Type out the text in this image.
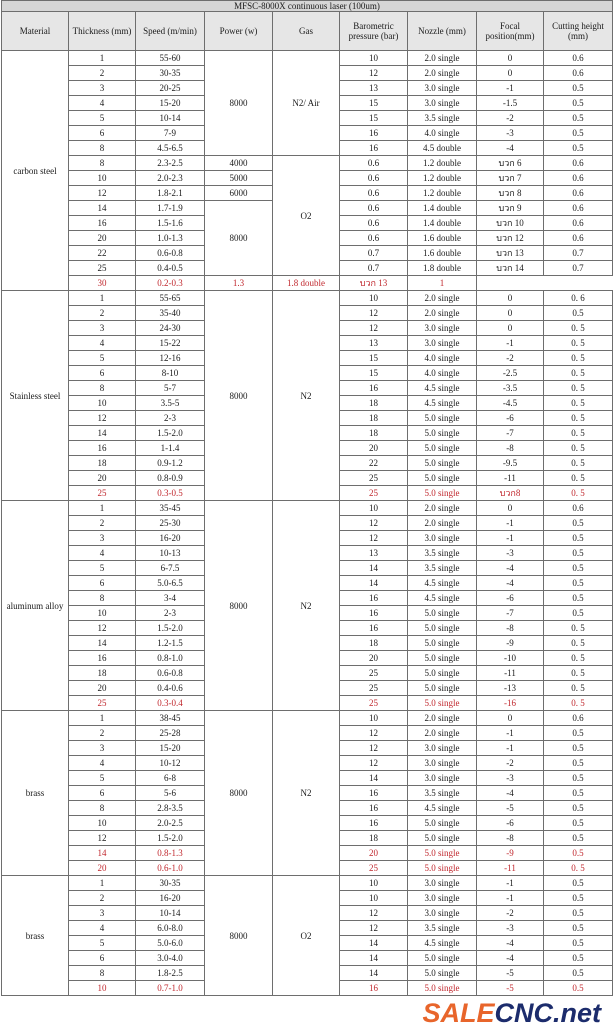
MFSC-8000X continuous laser (100um)								
Material	Thickness (mm)	Speed (m/min)	Power (w)	Gas	Barometric pressure (bar)	Nozzle (mm)	Focal position(mm)	Cutting height (mm)
carbon steel	1	55-60	8000	N2/ Air	10	2.0 single	0	0.6
	2	30-35			12	2.0 single	0	0.6
	3	20-25			13	3.0 single	-1	0.5
	4	15-20			15	3.0 single	-1.5	0.5
	5	10-14			15	3.5 single	-2	0.5
	6	7-9			16	4.0 single	-3	0.5
	8	4.5-6.5			16	4.5 double	-4	0.5
	8	2.3-2.5	4000	O2	0.6	1.2 double	บวก 6	0.6
	10	2.0-2.3	5000		0.6	1.2 double	บวก 7	0.6
	12	1.8-2.1	6000		0.6	1.2 double	บวก 8	0.6
	14	1.7-1.9	8000		0.6	1.4 double	บวก 9	0.6
	16	1.5-1.6			0.6	1.4 double	บวก 10	0.6
	20	1.0-1.3			0.6	1.6 double	บวก 12	0.6
	22	0.6-0.8			0.7	1.6 double	บวก 13	0.7
	25	0.4-0.5			0.7	1.8 double	บวก 14	0.7
	30	0.2-0.3	1.3	1.8 double	บวก 13	1		
Stainless steel	1	55-65	8000	N2	10	2.0 single	0	0. 6
	2	35-40			12	2.0 single	0	0.5
	3	24-30			12	3.0 single	0	0. 5
	4	15-22			13	3.0 single	-1	0. 5
	5	12-16			15	4.0 single	-2	0. 5
	6	8-10			15	4.0 single	-2.5	0. 5
	8	5-7			16	4.5 single	-3.5	0. 5
	10	3.5-5			18	4.5 single	-4.5	0. 5
	12	2-3			18	5.0 single	-6	0. 5
	14	1.5-2.0			18	5.0 single	-7	0. 5
	16	1-1.4			20	5.0 single	-8	0. 5
	18	0.9-1.2			22	5.0 single	-9.5	0. 5
	20	0.8-0.9			25	5.0 single	-11	0. 5
	25	0.3-0.5			25	5.0 single	บวก8	0. 5
aluminum alloy	1	35-45	8000	N2	10	2.0 single	0	0.6
	2	25-30			12	2.0 single	-1	0.5
	3	16-20			12	3.0 single	-1	0.5
	4	10-13			13	3.5 single	-3	0.5
	5	6-7.5			14	3.5 single	-4	0.5
	6	5.0-6.5			14	4.5 single	-4	0.5
	8	3-4			16	4.5 single	-6	0.5
	10	2-3			16	5.0 single	-7	0.5
	12	1.5-2.0			16	5.0 single	-8	0. 5
	14	1.2-1.5			18	5.0 single	-9	0. 5
	16	0.8-1.0			20	5.0 single	-10	0. 5
	18	0.6-0.8			25	5.0 single	-11	0. 5
	20	0.4-0.6			25	5.0 single	-13	0. 5
	25	0.3-0.4			25	5.0 single	-16	0. 5
brass	1	38-45	8000	N2	10	2.0 single	0	0.6
	2	25-28			12	2.0 single	-1	0.5
	3	15-20			12	3.0 single	-1	0.5
	4	10-12			12	3.0 single	-2	0.5
	5	6-8			14	3.0 single	-3	0.5
	6	5-6			16	3.5 single	-4	0.5
	8	2.8-3.5			16	4.5 single	-5	0.5
	10	2.0-2.5			16	5.0 single	-6	0.5
	12	1.5-2.0			18	5.0 single	-8	0.5
	14	0.8-1.3			20	5.0 single	-9	0.5
	20	0.6-1.0			25	5.0 single	-11	0. 5
brass	1	30-35	8000	O2	10	3.0 single	-1	0.5
	2	16-20			10	3.0 single	-1	0.5
	3	10-14			12	3.0 single	-2	0.5
	4	6.0-8.0			12	3.5 single	-3	0.5
	5	5.0-6.0			14	4.5 single	-4	0.5
	6	3.0-4.0			14	5.0 single	-4	0.5
	8	1.8-2.5			14	5.0 single	-5	0.5
	10	0.7-1.0			16	5.0 single	-5	0.5
SALECNC.net
